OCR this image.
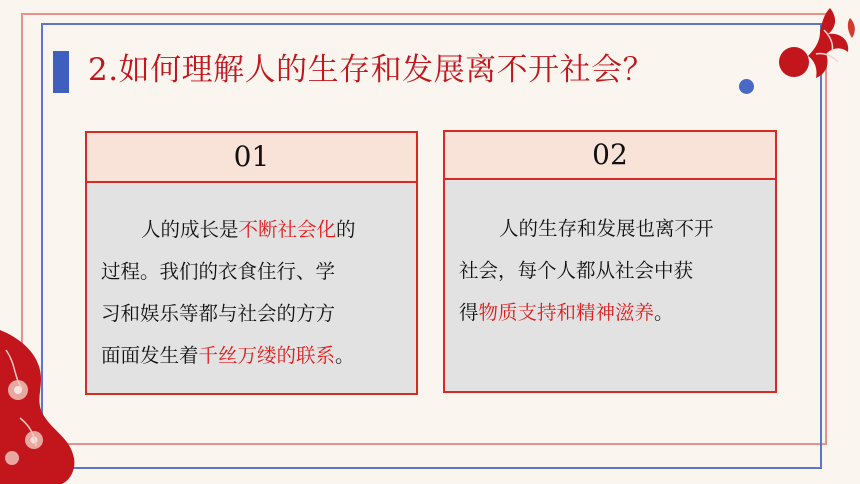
2.如何理解人的生存和发展离不开社会？
01
人的成长是不断社会化的
过程。我们的衣食住行、学
习和娱乐等都与社会的方方
面面发生着千丝万缕的联系。
02
人的生存和发展也离不开
社会，每个人都从社会中获
得物质支持和精神滋养。
